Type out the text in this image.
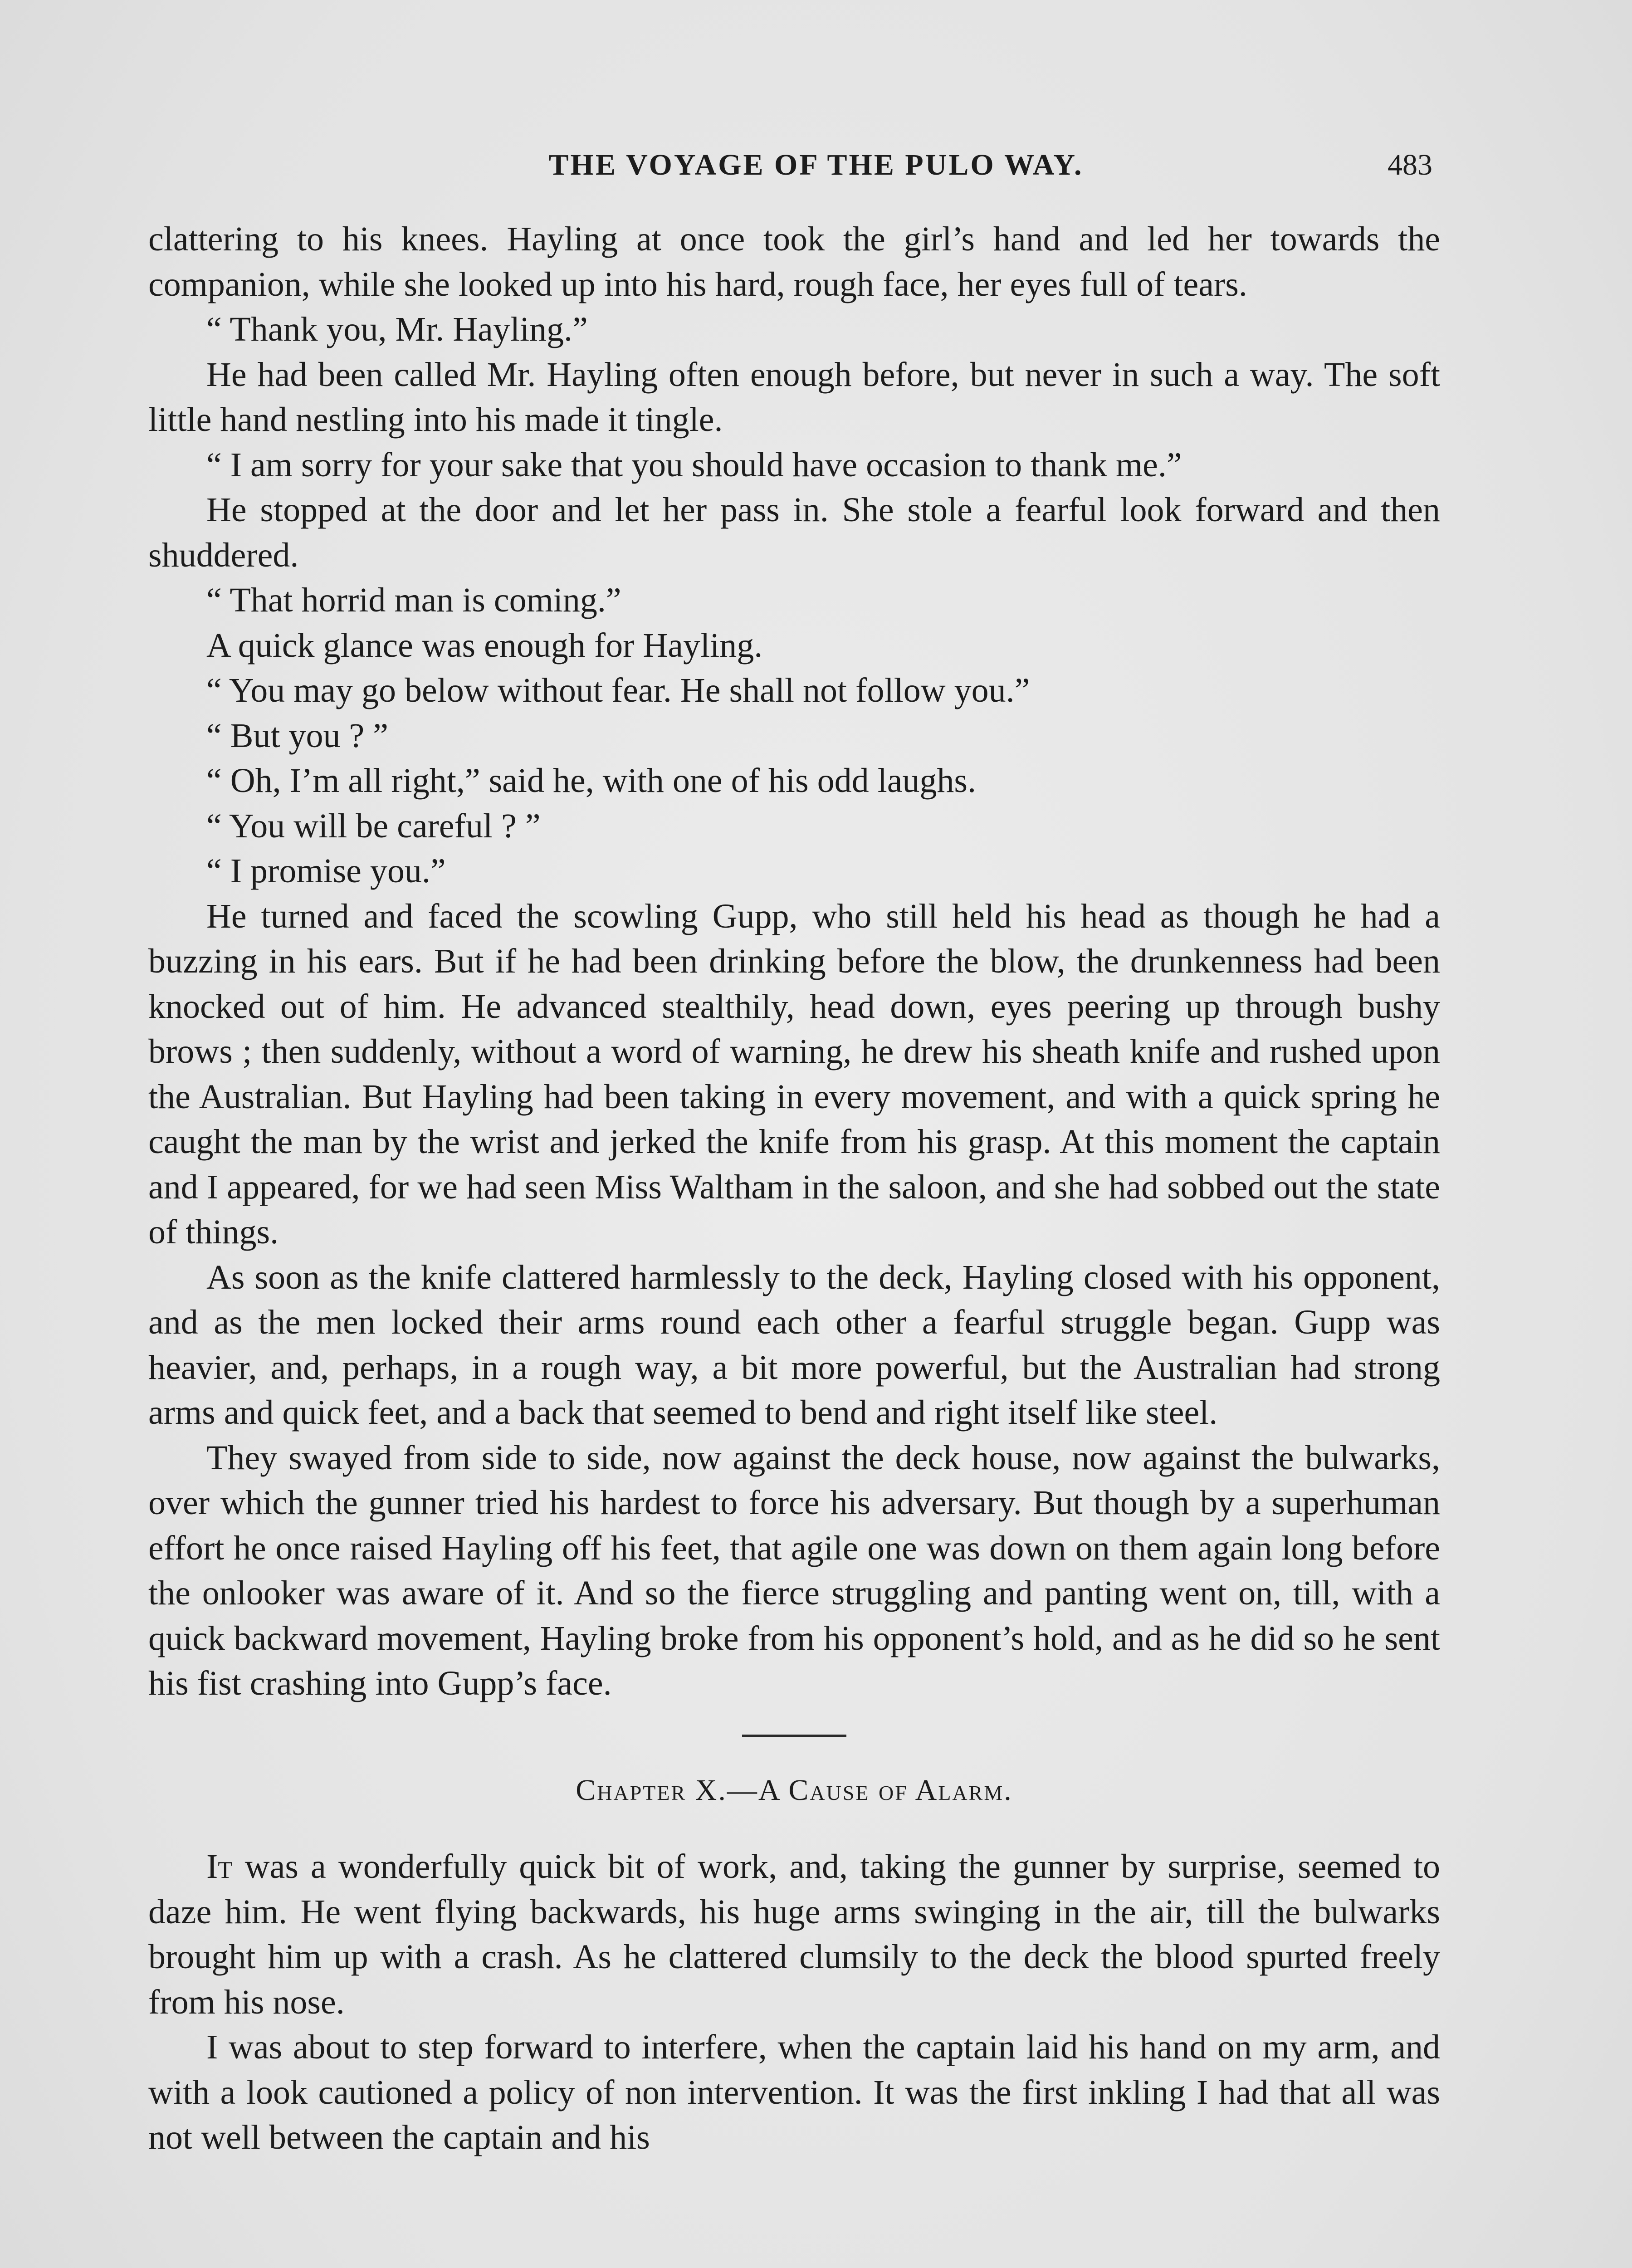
THE VOYAGE OF THE PULO WAY.	483

clattering to his knees. Hayling at once took the girl’s hand and led her towards the companion, while she looked up into his hard, rough face, her eyes full of tears.

“ Thank you, Mr. Hayling.”

He had been called Mr. Hayling often enough before, but never in such a way. The soft little hand nestling into his made it tingle.

“ I am sorry for your sake that you should have occasion to thank me.”

He stopped at the door and let her pass in. She stole a fearful look forward and then shuddered.

“ That horrid man is coming.”

A quick glance was enough for Hayling.

“ You may go below without fear. He shall not follow you.”

“ But you ? ”

“ Oh, I’m all right,” said he, with one of his odd laughs.

“ You will be careful ? ”

“ I promise you.”

He turned and faced the scowling Gupp, who still held his head as though he had a buzzing in his ears. But if he had been drinking before the blow, the drunkenness had been knocked out of him. He advanced stealthily, head down, eyes peering up through bushy brows ; then suddenly, without a word of warning, he drew his sheath knife and rushed upon the Australian. But Hayling had been taking in every movement, and with a quick spring he caught the man by the wrist and jerked the knife from his grasp. At this moment the captain and I appeared, for we had seen Miss Waltham in the saloon, and she had sobbed out the state of things.

As soon as the knife clattered harmlessly to the deck, Hayling closed with his opponent, and as the men locked their arms round each other a fearful struggle began. Gupp was heavier, and, perhaps, in a rough way, a bit more powerful, but the Australian had strong arms and quick feet, and a back that seemed to bend and right itself like steel.

They swayed from side to side, now against the deck house, now against the bulwarks, over which the gunner tried his hardest to force his adversary. But though by a superhuman effort he once raised Hayling off his feet, that agile one was down on them again long before the onlooker was aware of it. And so the fierce struggling and panting went on, till, with a quick backward movement, Hayling broke from his opponent’s hold, and as he did so he sent his fist crashing into Gupp’s face.

Chapter X.—A Cause of Alarm.

It was a wonderfully quick bit of work, and, taking the gunner by surprise, seemed to daze him. He went flying backwards, his huge arms swinging in the air, till the bulwarks brought him up with a crash. As he clattered clumsily to the deck the blood spurted freely from his nose.

I was about to step forward to interfere, when the captain laid his hand on my arm, and with a look cautioned a policy of non intervention. It was the first inkling I had that all was not well between the captain and his
